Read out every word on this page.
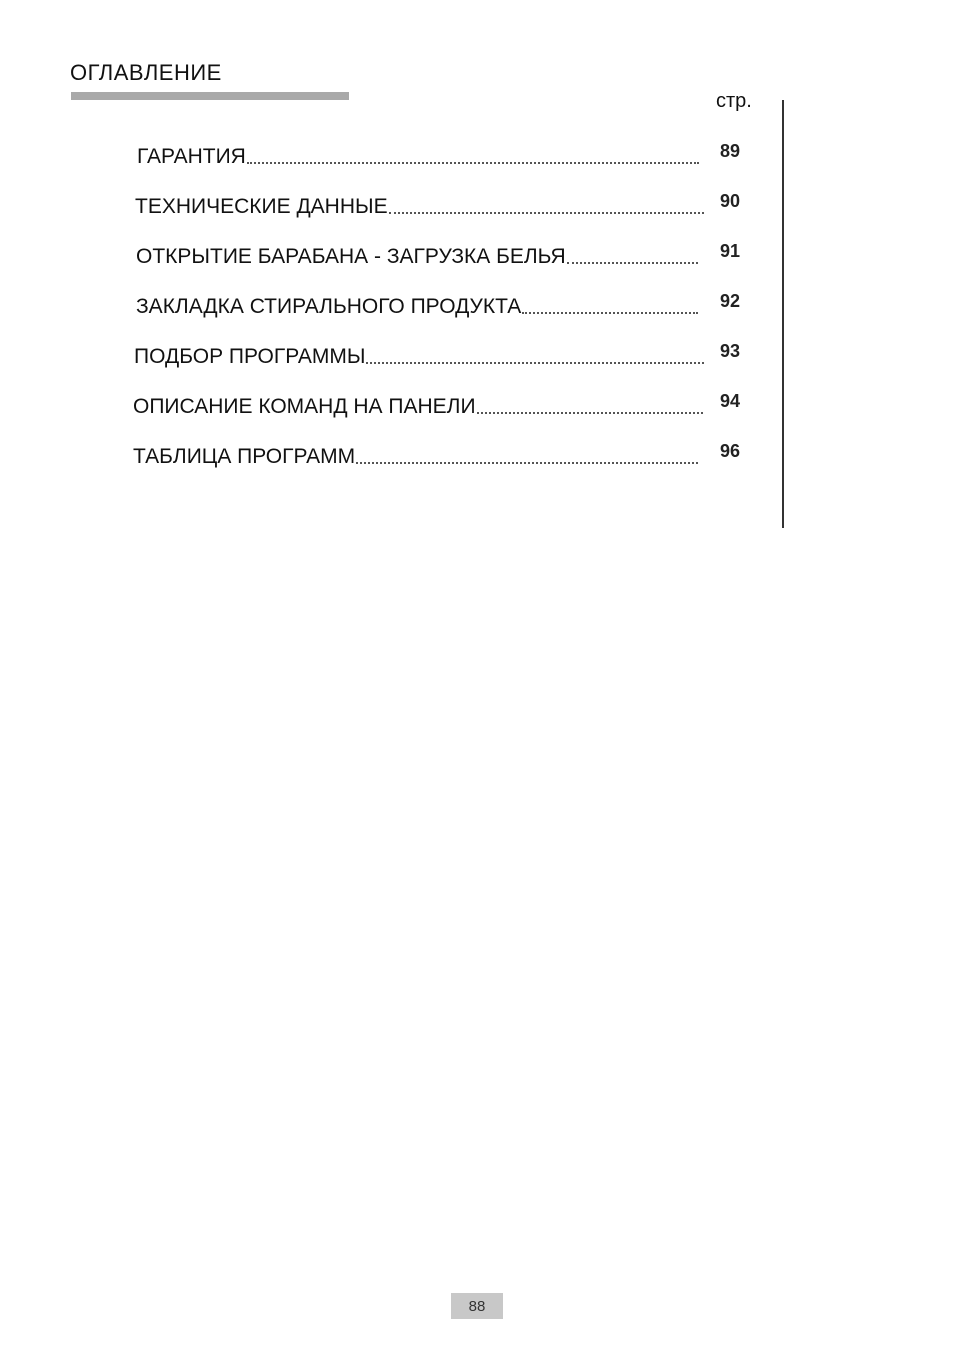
ОГЛАВЛЕНИЕ
стр.
ГАРАНТИЯ	89
ТЕХНИЧЕСКИЕ ДАННЫЕ	90
ОТКРЫТИЕ БАРАБАНА - ЗАГРУЗКА БЕЛЬЯ	91
ЗАКЛАДКА СТИРАЛЬНОГО ПРОДУКТА	92
ПОДБОР ПРОГРАММЫ	93
ОПИСАНИЕ КОМАНД НА ПАНЕЛИ	94
ТАБЛИЦА ПРОГРАММ	96
88
